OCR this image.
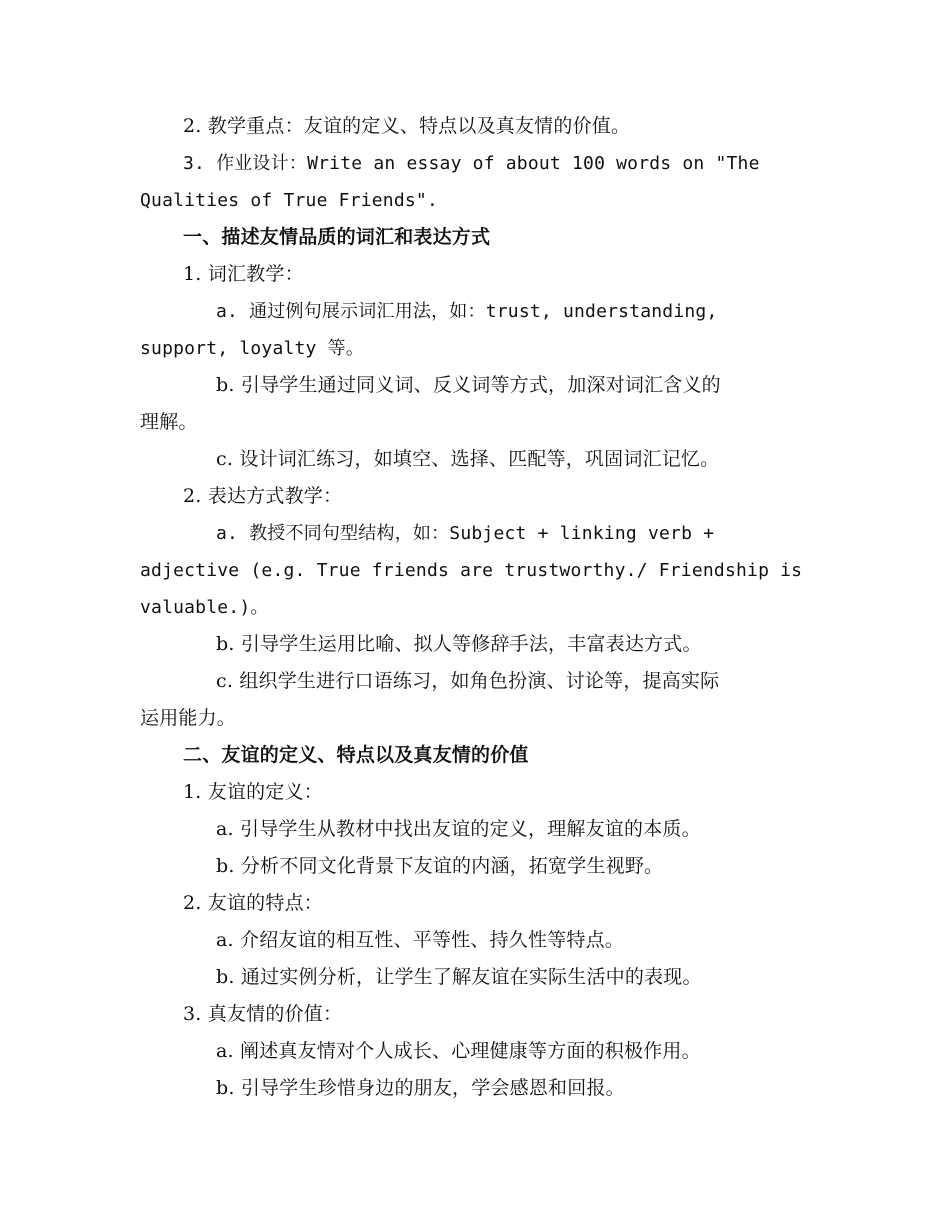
2. 教学重点：友谊的定义、特点以及真友情的价值。
3. 作业设计：Write an essay of about 100 words on "The
Qualities of True Friends".
一、描述友情品质的词汇和表达方式
1. 词汇教学：
a. 通过例句展示词汇用法，如：trust, understanding,
support, loyalty 等。
b. 引导学生通过同义词、反义词等方式，加深对词汇含义的
理解。
c. 设计词汇练习，如填空、选择、匹配等，巩固词汇记忆。
2. 表达方式教学：
a. 教授不同句型结构，如：Subject + linking verb +
adjective (e.g. True friends are trustworthy./ Friendship is
valuable.)。
b. 引导学生运用比喻、拟人等修辞手法，丰富表达方式。
c. 组织学生进行口语练习，如角色扮演、讨论等，提高实际
运用能力。
二、友谊的定义、特点以及真友情的价值
1. 友谊的定义：
a. 引导学生从教材中找出友谊的定义，理解友谊的本质。
b. 分析不同文化背景下友谊的内涵，拓宽学生视野。
2. 友谊的特点：
a. 介绍友谊的相互性、平等性、持久性等特点。
b. 通过实例分析，让学生了解友谊在实际生活中的表现。
3. 真友情的价值：
a. 阐述真友情对个人成长、心理健康等方面的积极作用。
b. 引导学生珍惜身边的朋友，学会感恩和回报。
